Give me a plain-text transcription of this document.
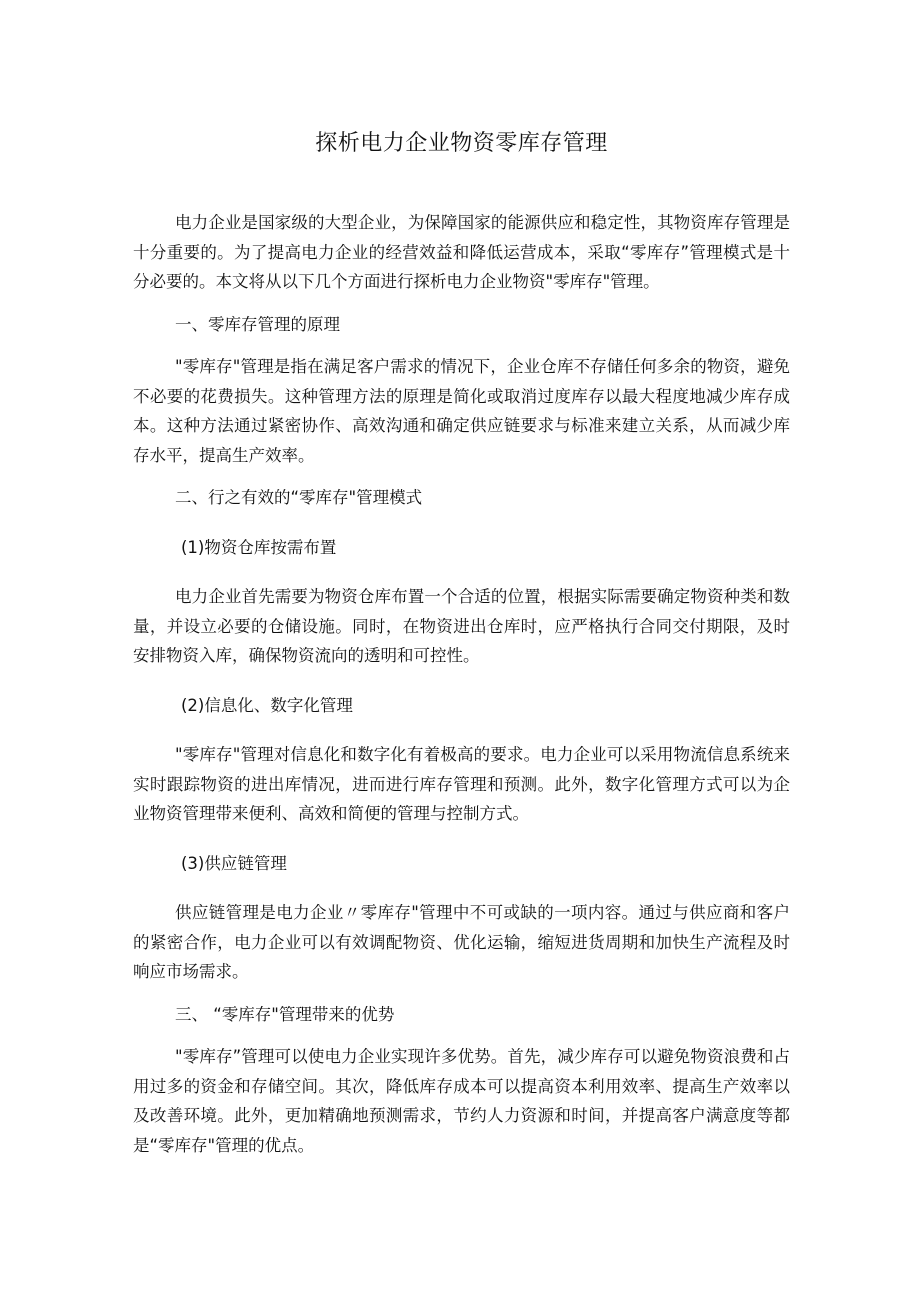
探析电力企业物资零库存管理

电力企业是国家级的大型企业，为保障国家的能源供应和稳定性，其物资库存管理是十分重要的。为了提高电力企业的经营效益和降低运营成本，采取“零库存”管理模式是十分必要的。本文将从以下几个方面进行探析电力企业物资"零库存"管理。

一、零库存管理的原理

"零库存"管理是指在满足客户需求的情况下，企业仓库不存储任何多余的物资，避免不必要的花费损失。这种管理方法的原理是简化或取消过度库存以最大程度地减少库存成本。这种方法通过紧密协作、高效沟通和确定供应链要求与标准来建立关系，从而减少库存水平，提高生产效率。

二、行之有效的“零库存"管理模式

(1)物资仓库按需布置

电力企业首先需要为物资仓库布置一个合适的位置，根据实际需要确定物资种类和数量，并设立必要的仓储设施。同时，在物资进出仓库时，应严格执行合同交付期限，及时安排物资入库，确保物资流向的透明和可控性。

(2)信息化、数字化管理

"零库存"管理对信息化和数字化有着极高的要求。电力企业可以采用物流信息系统来实时跟踪物资的进出库情况，进而进行库存管理和预测。此外，数字化管理方式可以为企业物资管理带来便利、高效和简便的管理与控制方式。

(3)供应链管理

供应链管理是电力企业〃零库存"管理中不可或缺的一项内容。通过与供应商和客户的紧密合作，电力企业可以有效调配物资、优化运输，缩短进货周期和加快生产流程及时响应市场需求。

三、 “零库存"管理带来的优势

"零库存”管理可以使电力企业实现许多优势。首先，减少库存可以避免物资浪费和占用过多的资金和存储空间。其次，降低库存成本可以提高资本利用效率、提高生产效率以及改善环境。此外，更加精确地预测需求，节约人力资源和时间，并提高客户满意度等都是“零库存"管理的优点。
